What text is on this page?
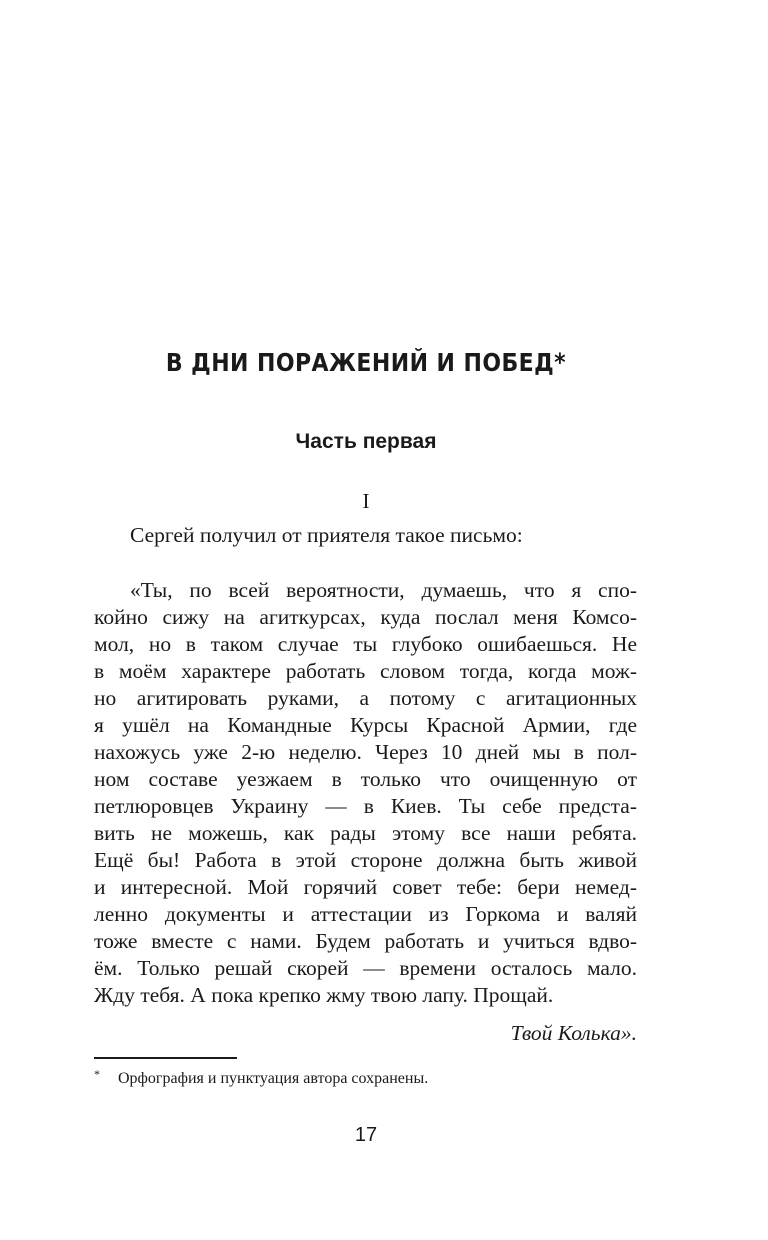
В ДНИ ПОРАЖЕНИЙ И ПОБЕД*
Часть первая
I
Сергей получил от приятеля такое письмо:
«Ты, по всей вероятности, думаешь, что я спо-
койно сижу на агиткурсах, куда послал меня Комсо-
мол, но в таком случае ты глубоко ошибаешься. Не
в моём характере работать словом тогда, когда мож-
но агитировать руками, а потому с агитационных
я ушёл на Командные Курсы Красной Армии, где
нахожусь уже 2-ю неделю. Через 10 дней мы в пол-
ном составе уезжаем в только что очищенную от
петлюровцев Украину — в Киев. Ты себе предста-
вить не можешь, как рады этому все наши ребята.
Ещё бы! Работа в этой стороне должна быть живой
и интересной. Мой горячий совет тебе: бери немед-
ленно документы и аттестации из Горкома и валяй
тоже вместе с нами. Будем работать и учиться вдво-
ём. Только решай скорей — времени осталось мало.
Жду тебя. А пока крепко жму твою лапу. Прощай.
Твой Колька».
* Орфография и пунктуация автора сохранены.
17
